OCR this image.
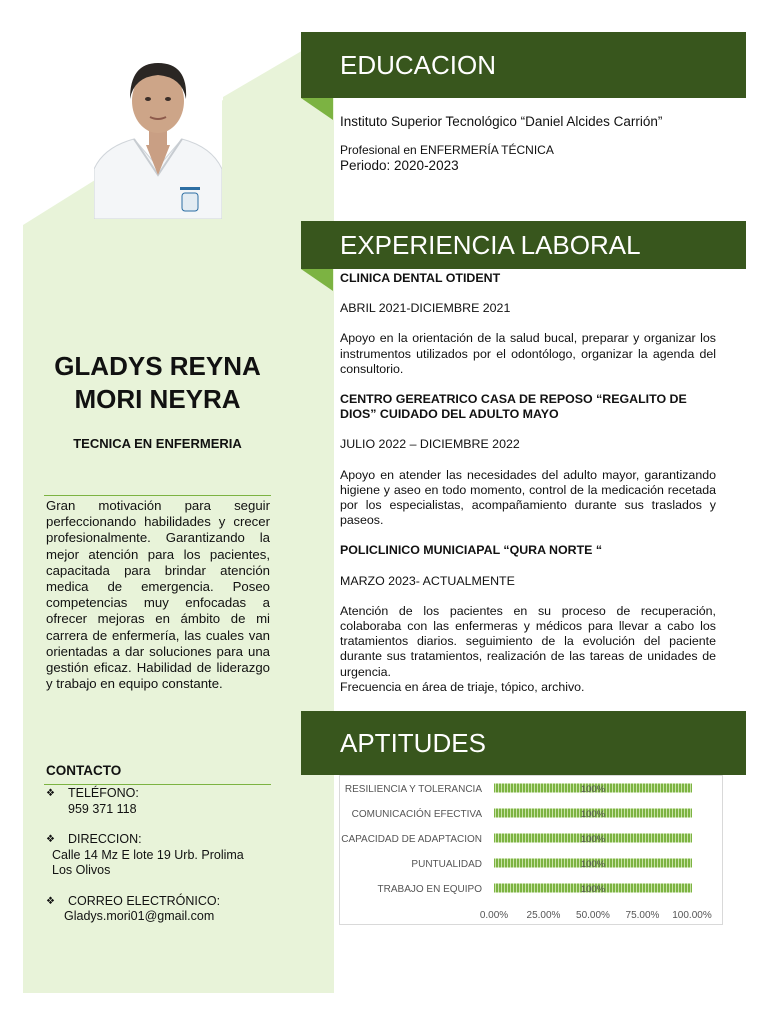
GLADYS REYNA
MORI NEYRA
TECNICA EN ENFERMERIA
Gran motivación para seguir perfeccionando habilidades y crecer profesionalmente. Garantizando la mejor atención para los pacientes, capacitada para brindar atención medica de emergencia. Poseo competencias muy enfocadas a ofrecer mejoras en ámbito de mi carrera de enfermería, las cuales van orientadas a dar soluciones para una gestión eficaz. Habilidad de liderazgo y trabajo en equipo constante.
CONTACTO
❖	TELÉFONO:
959 371 118
❖	DIRECCION:
Calle 14 Mz E lote 19 Urb. Prolima Los Olivos
❖	CORREO ELECTRÓNICO:
Gladys.mori01@gmail.com
EDUCACION
Instituto Superior Tecnológico “Daniel Alcides Carrión”
Profesional en ENFERMERÍA TÉCNICA
Periodo: 2020-2023
EXPERIENCIA LABORAL
CLINICA DENTAL OTIDENT
ABRIL 2021-DICIEMBRE 2021
Apoyo en la orientación de la salud bucal, preparar y organizar los instrumentos utilizados por el odontólogo, organizar la agenda del consultorio.
CENTRO GEREATRICO CASA DE REPOSO “REGALITO DE DIOS” CUIDADO DEL ADULTO MAYO
JULIO 2022 – DICIEMBRE 2022
Apoyo en atender las necesidades del adulto mayor, garantizando higiene y aseo en todo momento, control de la medicación recetada por los especialistas, acompañamiento durante sus traslados y paseos.
POLICLINICO MUNICIAPAL “QURA NORTE “
MARZO 2023- ACTUALMENTE
Atención de los pacientes en su proceso de recuperación, colaboraba con las enfermeras y médicos para llevar a cabo los tratamientos diarios. seguimiento de la evolución del paciente durante sus tratamientos, realización de las tareas de unidades de urgencia.
Frecuencia en área de triaje, tópico, archivo.
APTITUDES
RESILIENCIA Y TOLERANCIA	100%
COMUNICACIÓN EFECTIVA	100%
CAPACIDAD DE ADAPTACION	100%
PUNTUALIDAD	100%
TRABAJO EN EQUIPO	100%
0.00% 25.00% 50.00% 75.00% 100.00%
